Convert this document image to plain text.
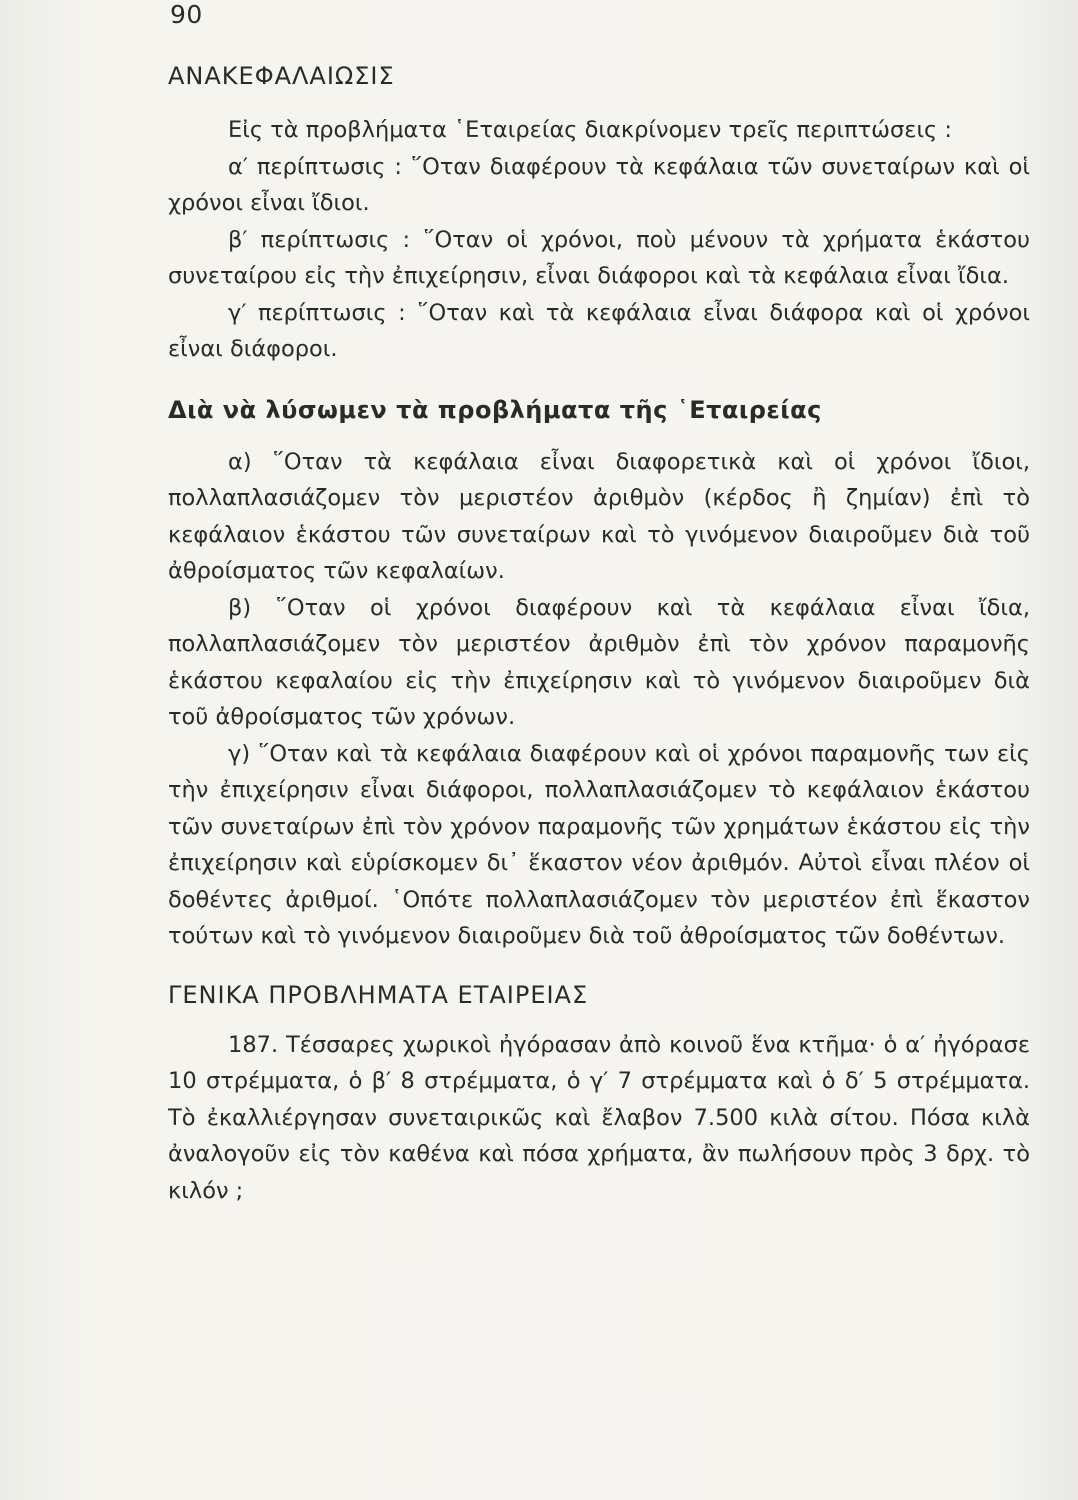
90
ΑΝΑΚΕΦΑΛΑΙΩΣΙΣ

Εἰς τὰ προβλήματα ῾Εταιρείας διακρίνομεν τρεῖς περιπτώσεις :

α′ περίπτωσις : ῞Οταν διαφέρουν τὰ κεφάλαια τῶν συνεταίρων καὶ οἱ χρόνοι εἶναι ἴδιοι.

β′ περίπτωσις : ῞Οταν οἱ χρόνοι, ποὺ μένουν τὰ χρήματα ἑκάστου συνεταίρου εἰς τὴν ἐπιχείρησιν, εἶναι διάφοροι καὶ τὰ κεφάλαια εἶναι ἴδια.

γ′ περίπτωσις : ῞Οταν καὶ τὰ κεφάλαια εἶναι διάφορα καὶ οἱ χρόνοι εἶναι διάφοροι.

Διὰ νὰ λύσωμεν τὰ προβλήματα τῆς ῾Εταιρείας

α) ῞Οταν τὰ κεφάλαια εἶναι διαφορετικὰ καὶ οἱ χρόνοι ἴδιοι, πολλαπλασιάζομεν τὸν μεριστέον ἀριθμὸν (κέρδος ἢ ζημίαν) ἐπὶ τὸ κεφάλαιον ἑκάστου τῶν συνεταίρων καὶ τὸ γινόμενον διαιροῦμεν διὰ τοῦ ἀθροίσματος τῶν κεφαλαίων.

β) ῞Οταν οἱ χρόνοι διαφέρουν καὶ τὰ κεφάλαια εἶναι ἴδια, πολλαπλασιάζομεν τὸν μεριστέον ἀριθμὸν ἐπὶ τὸν χρόνον παραμονῆς ἑκάστου κεφαλαίου εἰς τὴν ἐπιχείρησιν καὶ τὸ γινόμενον διαιροῦμεν διὰ τοῦ ἀθροίσματος τῶν χρόνων.

γ) ῞Οταν καὶ τὰ κεφάλαια διαφέρουν καὶ οἱ χρόνοι παραμονῆς των εἰς τὴν ἐπιχείρησιν εἶναι διάφοροι, πολλαπλασιάζομεν τὸ κεφάλαιον ἑκάστου τῶν συνεταίρων ἐπὶ τὸν χρόνον παραμονῆς τῶν χρημάτων ἑκάστου εἰς τὴν ἐπιχείρησιν καὶ εὑρίσκομεν δι᾿ ἕκαστον νέον ἀριθμόν. Αὐτοὶ εἶναι πλέον οἱ δοθέντες ἀριθμοί. ῾Οπότε πολλαπλασιάζομεν τὸν μεριστέον ἐπὶ ἕκαστον τούτων καὶ τὸ γινόμενον διαιροῦμεν διὰ τοῦ ἀθροίσματος τῶν δοθέντων.

ΓΕΝΙΚΑ ΠΡΟΒΛΗΜΑΤΑ ΕΤΑΙΡΕΙΑΣ

187. Τέσσαρες χωρικοὶ ἠγόρασαν ἀπὸ κοινοῦ ἕνα κτῆμα· ὁ α′ ἠγόρασε 10 στρέμματα, ὁ β′ 8 στρέμματα, ὁ γ′ 7 στρέμματα καὶ ὁ δ′ 5 στρέμματα. Τὸ ἐκαλλιέργησαν συνεταιρικῶς καὶ ἔλαβον 7.500 κιλὰ σίτου. Πόσα κιλὰ ἀναλογοῦν εἰς τὸν καθένα καὶ πόσα χρήματα, ἂν πωλήσουν πρὸς 3 δρχ. τὸ κιλόν ;
